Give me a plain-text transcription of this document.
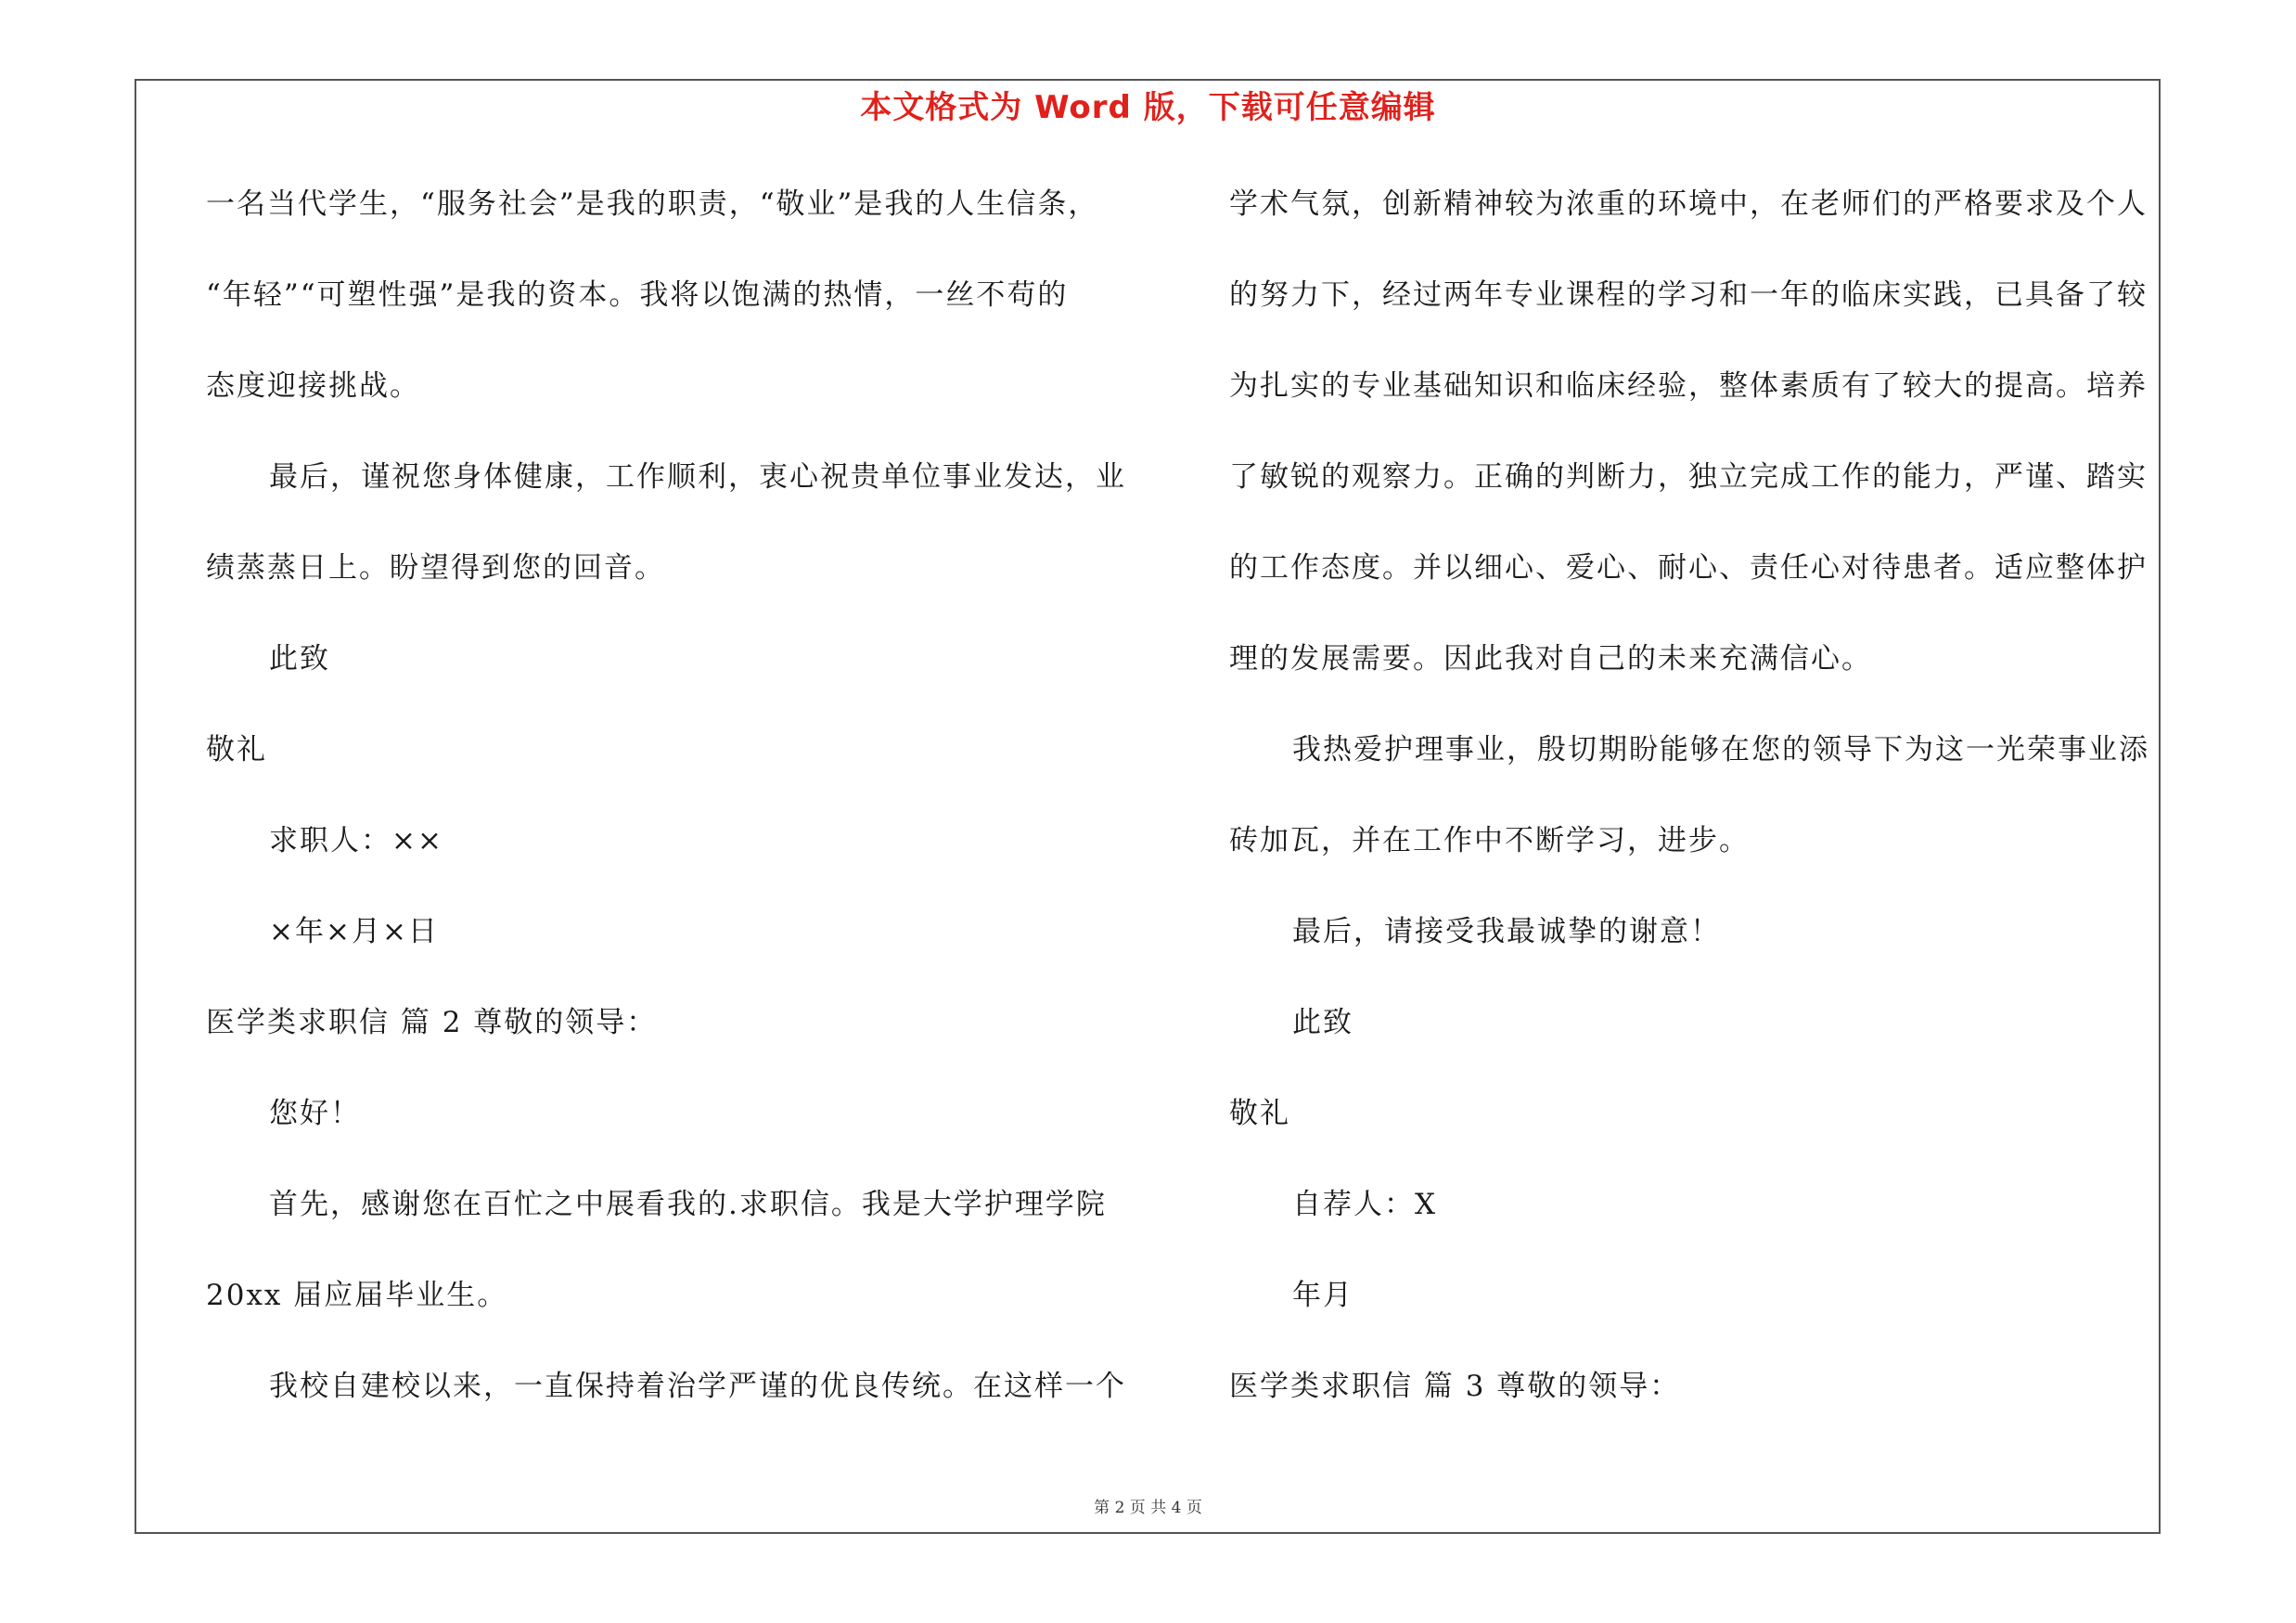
本文格式为 Word 版，下载可任意编辑
一名当代学生，“服务社会”是我的职责，“敬业”是我的人生信条，
“年轻”“可塑性强”是我的资本。我将以饱满的热情，一丝不苟的
态度迎接挑战。
最后，谨祝您身体健康，工作顺利，衷心祝贵单位事业发达，业
绩蒸蒸日上。盼望得到您的回音。
此致
敬礼
求职人：××
×年×月×日
医学类求职信 篇 2 尊敬的领导：
您好！
首先，感谢您在百忙之中展看我的.求职信。我是大学护理学院
20xx 届应届毕业生。
我校自建校以来，一直保持着治学严谨的优良传统。在这样一个
学术气氛，创新精神较为浓重的环境中，在老师们的严格要求及个人
的努力下，经过两年专业课程的学习和一年的临床实践，已具备了较
为扎实的专业基础知识和临床经验，整体素质有了较大的提高。培养
了敏锐的观察力。正确的判断力，独立完成工作的能力，严谨、踏实
的工作态度。并以细心、爱心、耐心、责任心对待患者。适应整体护
理的发展需要。因此我对自己的未来充满信心。
我热爱护理事业，殷切期盼能够在您的领导下为这一光荣事业添
砖加瓦，并在工作中不断学习，进步。
最后，请接受我最诚挚的谢意！
此致
敬礼
自荐人：X
年月
医学类求职信 篇 3 尊敬的领导：
第 2 页 共 4 页
